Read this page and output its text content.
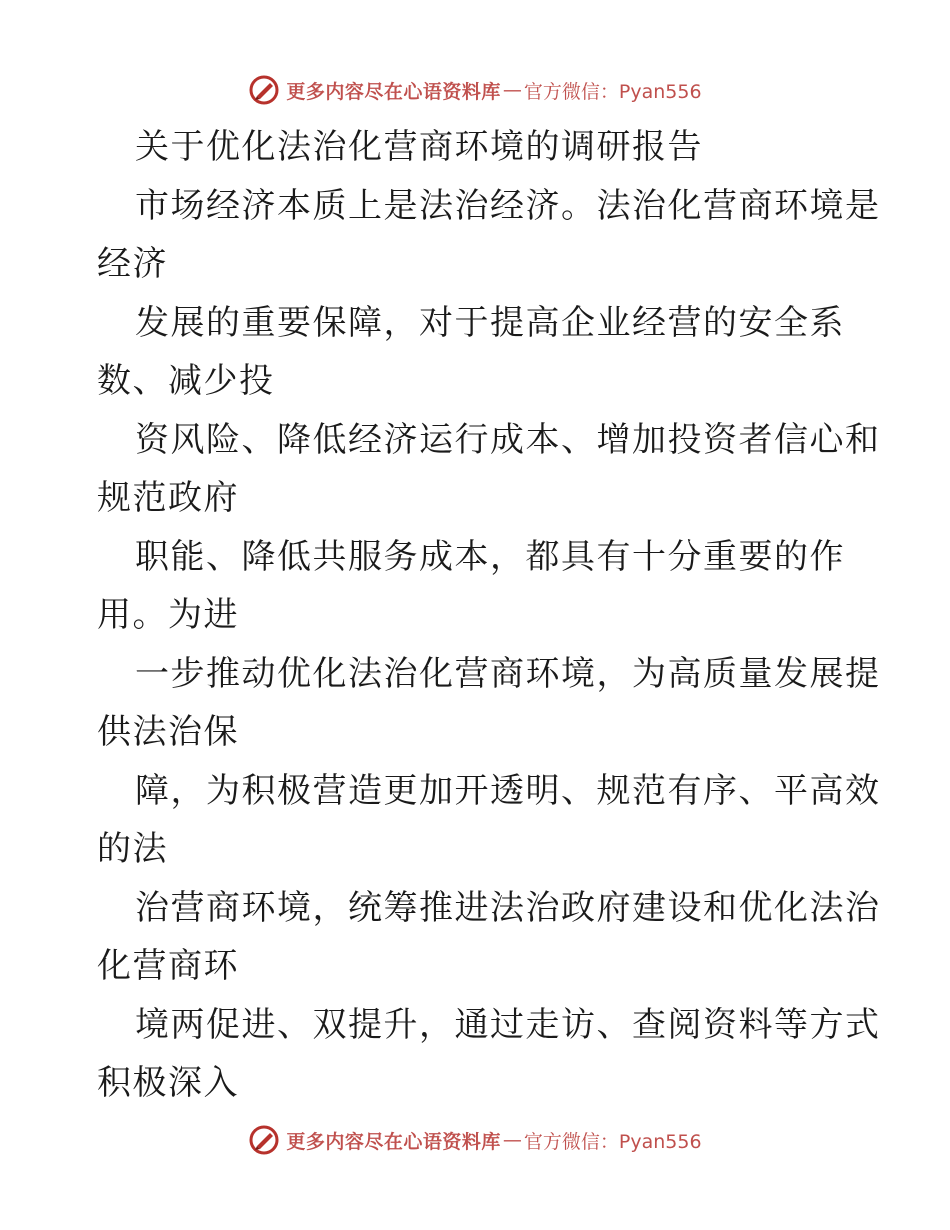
更多内容尽在心语资料库 — 官方微信：Pyan556
关于优化法治化营商环境的调研报告
市场经济本质上是法治经济。法治化营商环境是
经济
发展的重要保障，对于提高企业经营的安全系
数、减少投
资风险、降低经济运行成本、增加投资者信心和
规范政府
职能、降低共服务成本，都具有十分重要的作
用。为进
一步推动优化法治化营商环境，为高质量发展提
供法治保
障，为积极营造更加开透明、规范有序、平高效
的法
治营商环境，统筹推进法治政府建设和优化法治
化营商环
境两促进、双提升，通过走访、查阅资料等方式
积极深入
更多内容尽在心语资料库 — 官方微信：Pyan556
